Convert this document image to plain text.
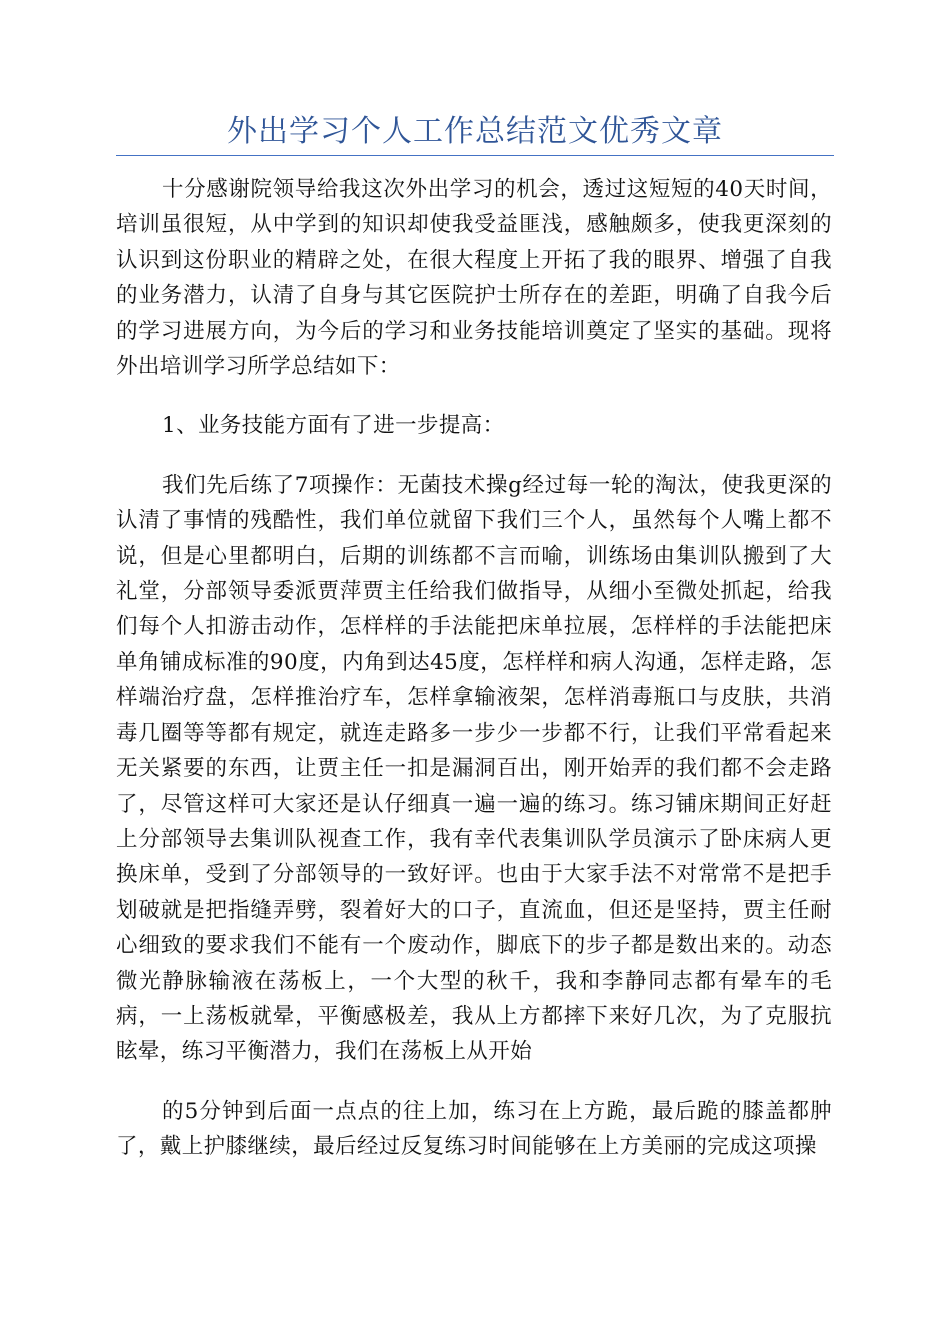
外出学习个人工作总结范文优秀文章

十分感谢院领导给我这次外出学习的机会，透过这短短的40天时间，培训虽很短，从中学到的知识却使我受益匪浅，感触颇多，使我更深刻的认识到这份职业的精辟之处，在很大程度上开拓了我的眼界、增强了自我的业务潜力，认清了自身与其它医院护士所存在的差距，明确了自我今后的学习进展方向，为今后的学习和业务技能培训奠定了坚实的基础。现将外出培训学习所学总结如下：

1、业务技能方面有了进一步提高：

我们先后练了7项操作：无菌技术操g经过每一轮的淘汰，使我更深的认清了事情的残酷性，我们单位就留下我们三个人，虽然每个人嘴上都不说，但是心里都明白，后期的训练都不言而喻，训练场由集训队搬到了大礼堂，分部领导委派贾萍贾主任给我们做指导，从细小至微处抓起，给我们每个人扣游击动作，怎样样的手法能把床单拉展，怎样样的手法能把床单角铺成标准的90度，内角到达45度，怎样样和病人沟通，怎样走路，怎样端治疗盘，怎样推治疗车，怎样拿输液架，怎样消毒瓶口与皮肤，共消毒几圈等等都有规定，就连走路多一步少一步都不行，让我们平常看起来无关紧要的东西，让贾主任一扣是漏洞百出，刚开始弄的我们都不会走路了，尽管这样可大家还是认仔细真一遍一遍的练习。练习铺床期间正好赶上分部领导去集训队视查工作，我有幸代表集训队学员演示了卧床病人更换床单，受到了分部领导的一致好评。也由于大家手法不对常常不是把手划破就是把指缝弄劈，裂着好大的口子，直流血，但还是坚持，贾主任耐心细致的要求我们不能有一个废动作，脚底下的步子都是数出来的。动态微光静脉输液在荡板上，一个大型的秋千，我和李静同志都有晕车的毛病，一上荡板就晕，平衡感极差，我从上方都摔下来好几次，为了克服抗眩晕，练习平衡潜力，我们在荡板上从开始

的5分钟到后面一点点的往上加，练习在上方跪，最后跪的膝盖都肿了，戴上护膝继续，最后经过反复练习时间能够在上方美丽的完成这项操
